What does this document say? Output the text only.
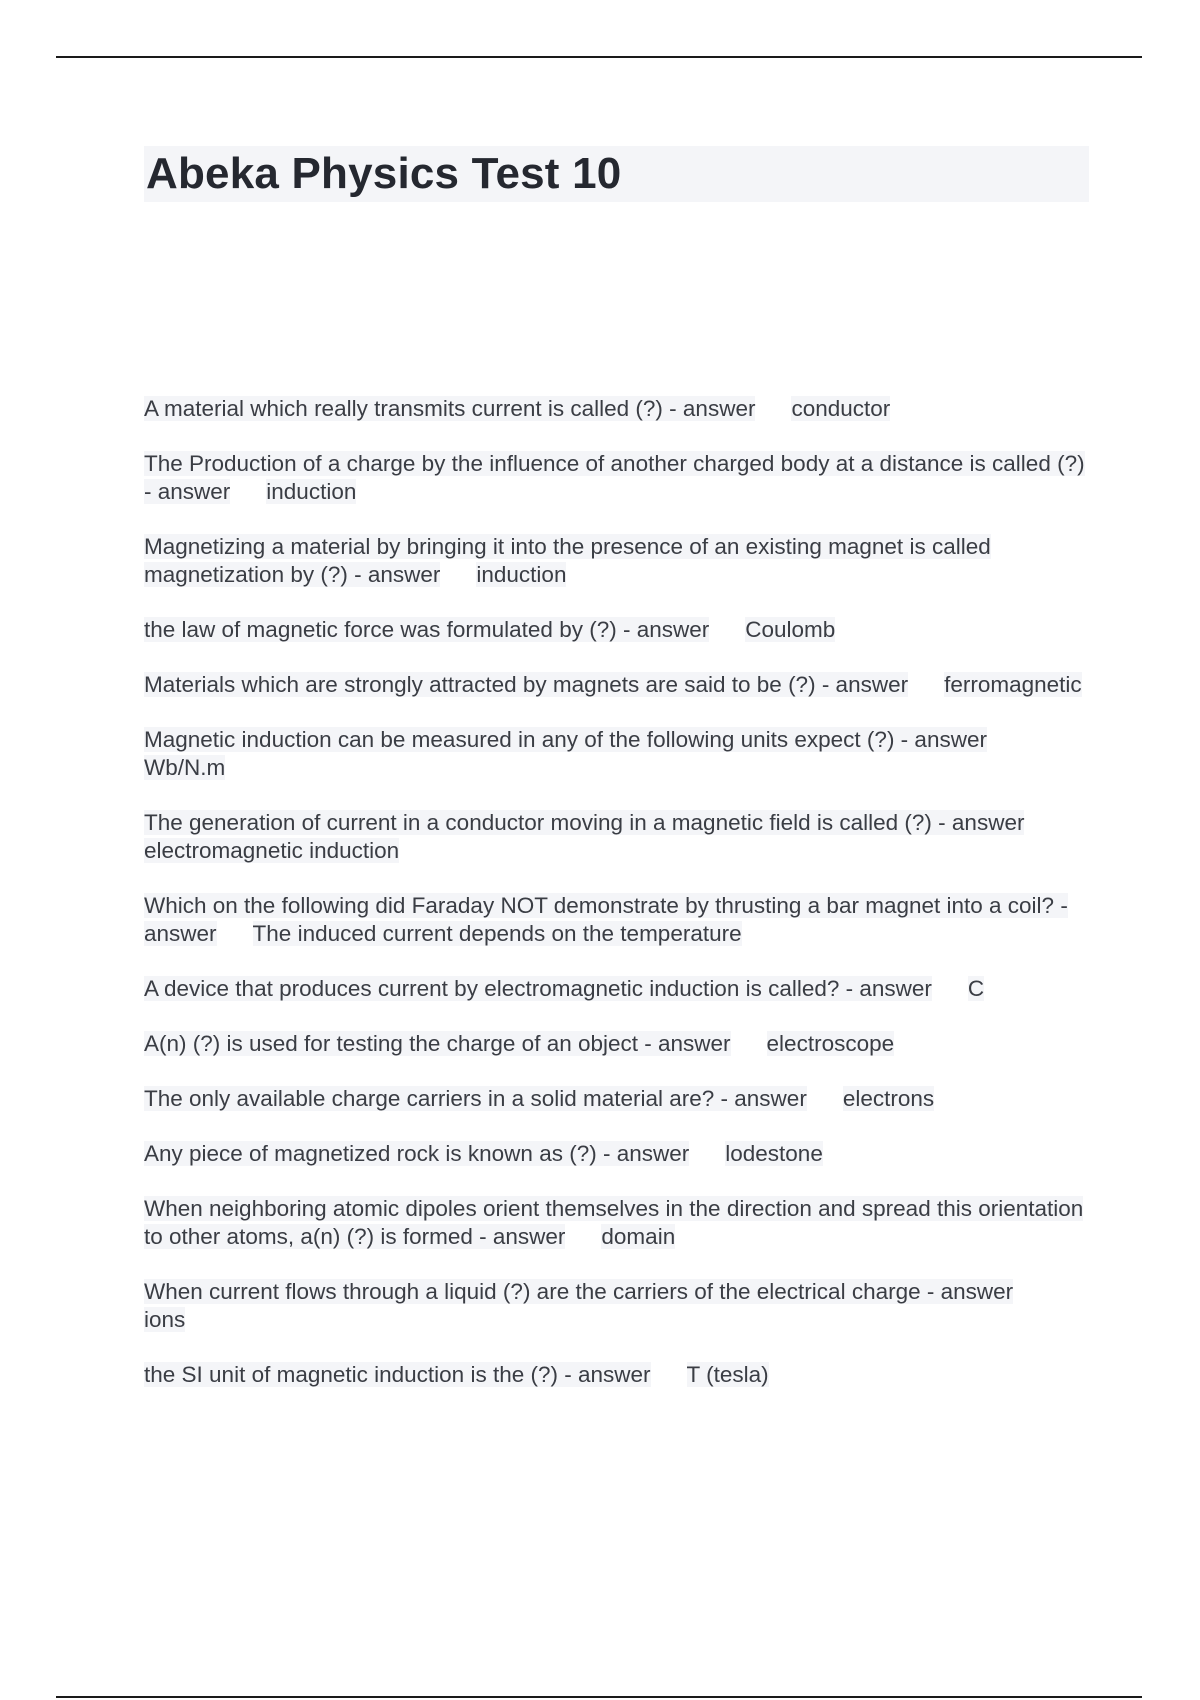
Abeka Physics Test 10
A material which really transmits current is called (?) - answer conductor
The Production of a charge by the influence of another charged body at a distance is called (?) - answer induction
Magnetizing a material by bringing it into the presence of an existing magnet is called magnetization by (?) - answer induction
the law of magnetic force was formulated by (?) - answer Coulomb
Materials which are strongly attracted by magnets are said to be (?) - answer ferromagnetic
Magnetic induction can be measured in any of the following units expect (?) - answerWb/N.m
The generation of current in a conductor moving in a magnetic field is called (?) - answerelectromagnetic induction
Which on the following did Faraday NOT demonstrate by thrusting a bar magnet into a coil? - answer The induced current depends on the temperature
A device that produces current by electromagnetic induction is called? - answer C
A(n) (?) is used for testing the charge of an object - answer electroscope
The only available charge carriers in a solid material are? - answer electrons
Any piece of magnetized rock is known as (?) - answer lodestone
When neighboring atomic dipoles orient themselves in the direction and spread this orientation to other atoms, a(n) (?) is formed - answer domain
When current flows through a liquid (?) are the carriers of the electrical charge - answerions
the SI unit of magnetic induction is the (?) - answer T (tesla)
